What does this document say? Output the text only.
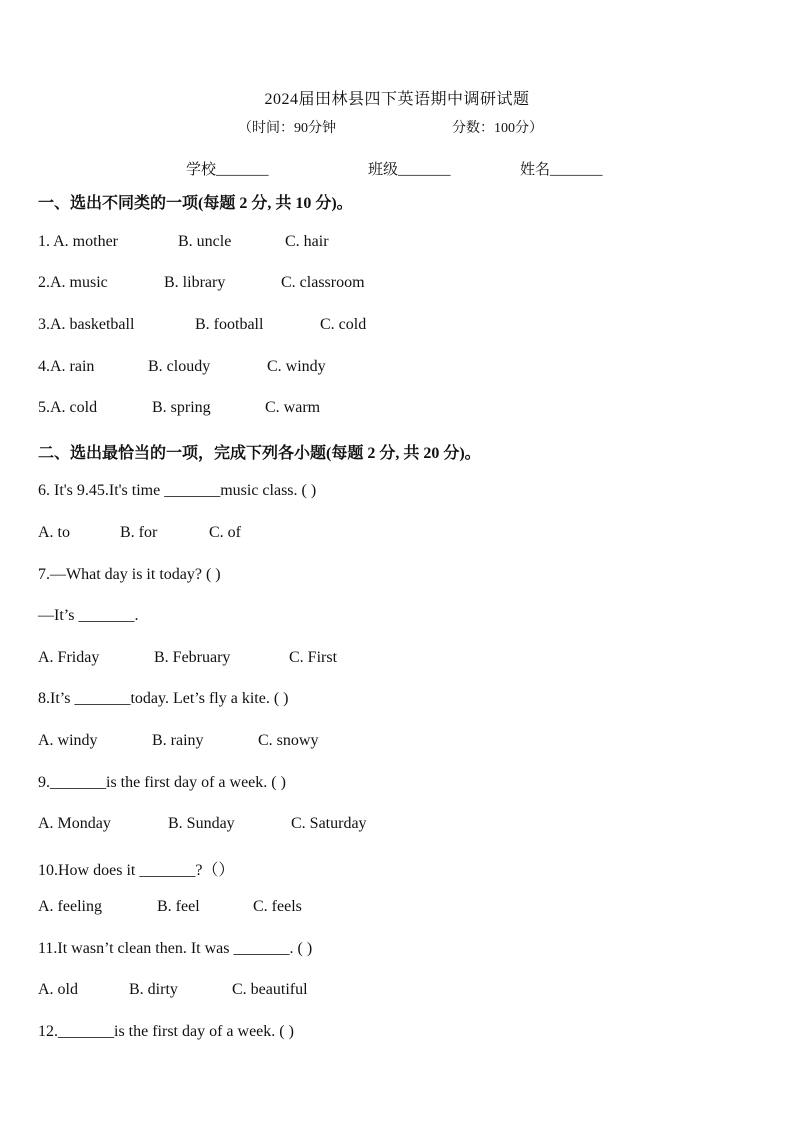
2024届田林县四下英语期中调研试题
（时间：90分钟	分数：100分）
学校_______	班级_______	姓名_______
一、选出不同类的一项(每题 2 分, 共 10 分)。
1. A. mother	B. uncle	C. hair
2.A. music	B. library	C. classroom
3.A. basketball	B. football	C. cold
4.A. rain	B. cloudy	C. windy
5.A. cold	B. spring	C. warm
二、选出最恰当的一项，完成下列各小题(每题 2 分, 共 20 分)。
6. It's 9.45.It's time _______music class. ( )
A. to	B. for	C. of
7.—What day is it today? ( )
—It’s _______.
A. Friday	B. February	C. First
8.It’s _______today. Let’s fly a kite. ( )
A. windy	B. rainy	C. snowy
9._______is the first day of a week. ( )
A. Monday	B. Sunday	C. Saturday
10.How does it _______?（）
A. feeling	B. feel	C. feels
11.It wasn’t clean then. It was _______. ( )
A. old	B. dirty	C. beautiful
12._______is the first day of a week. ( )
